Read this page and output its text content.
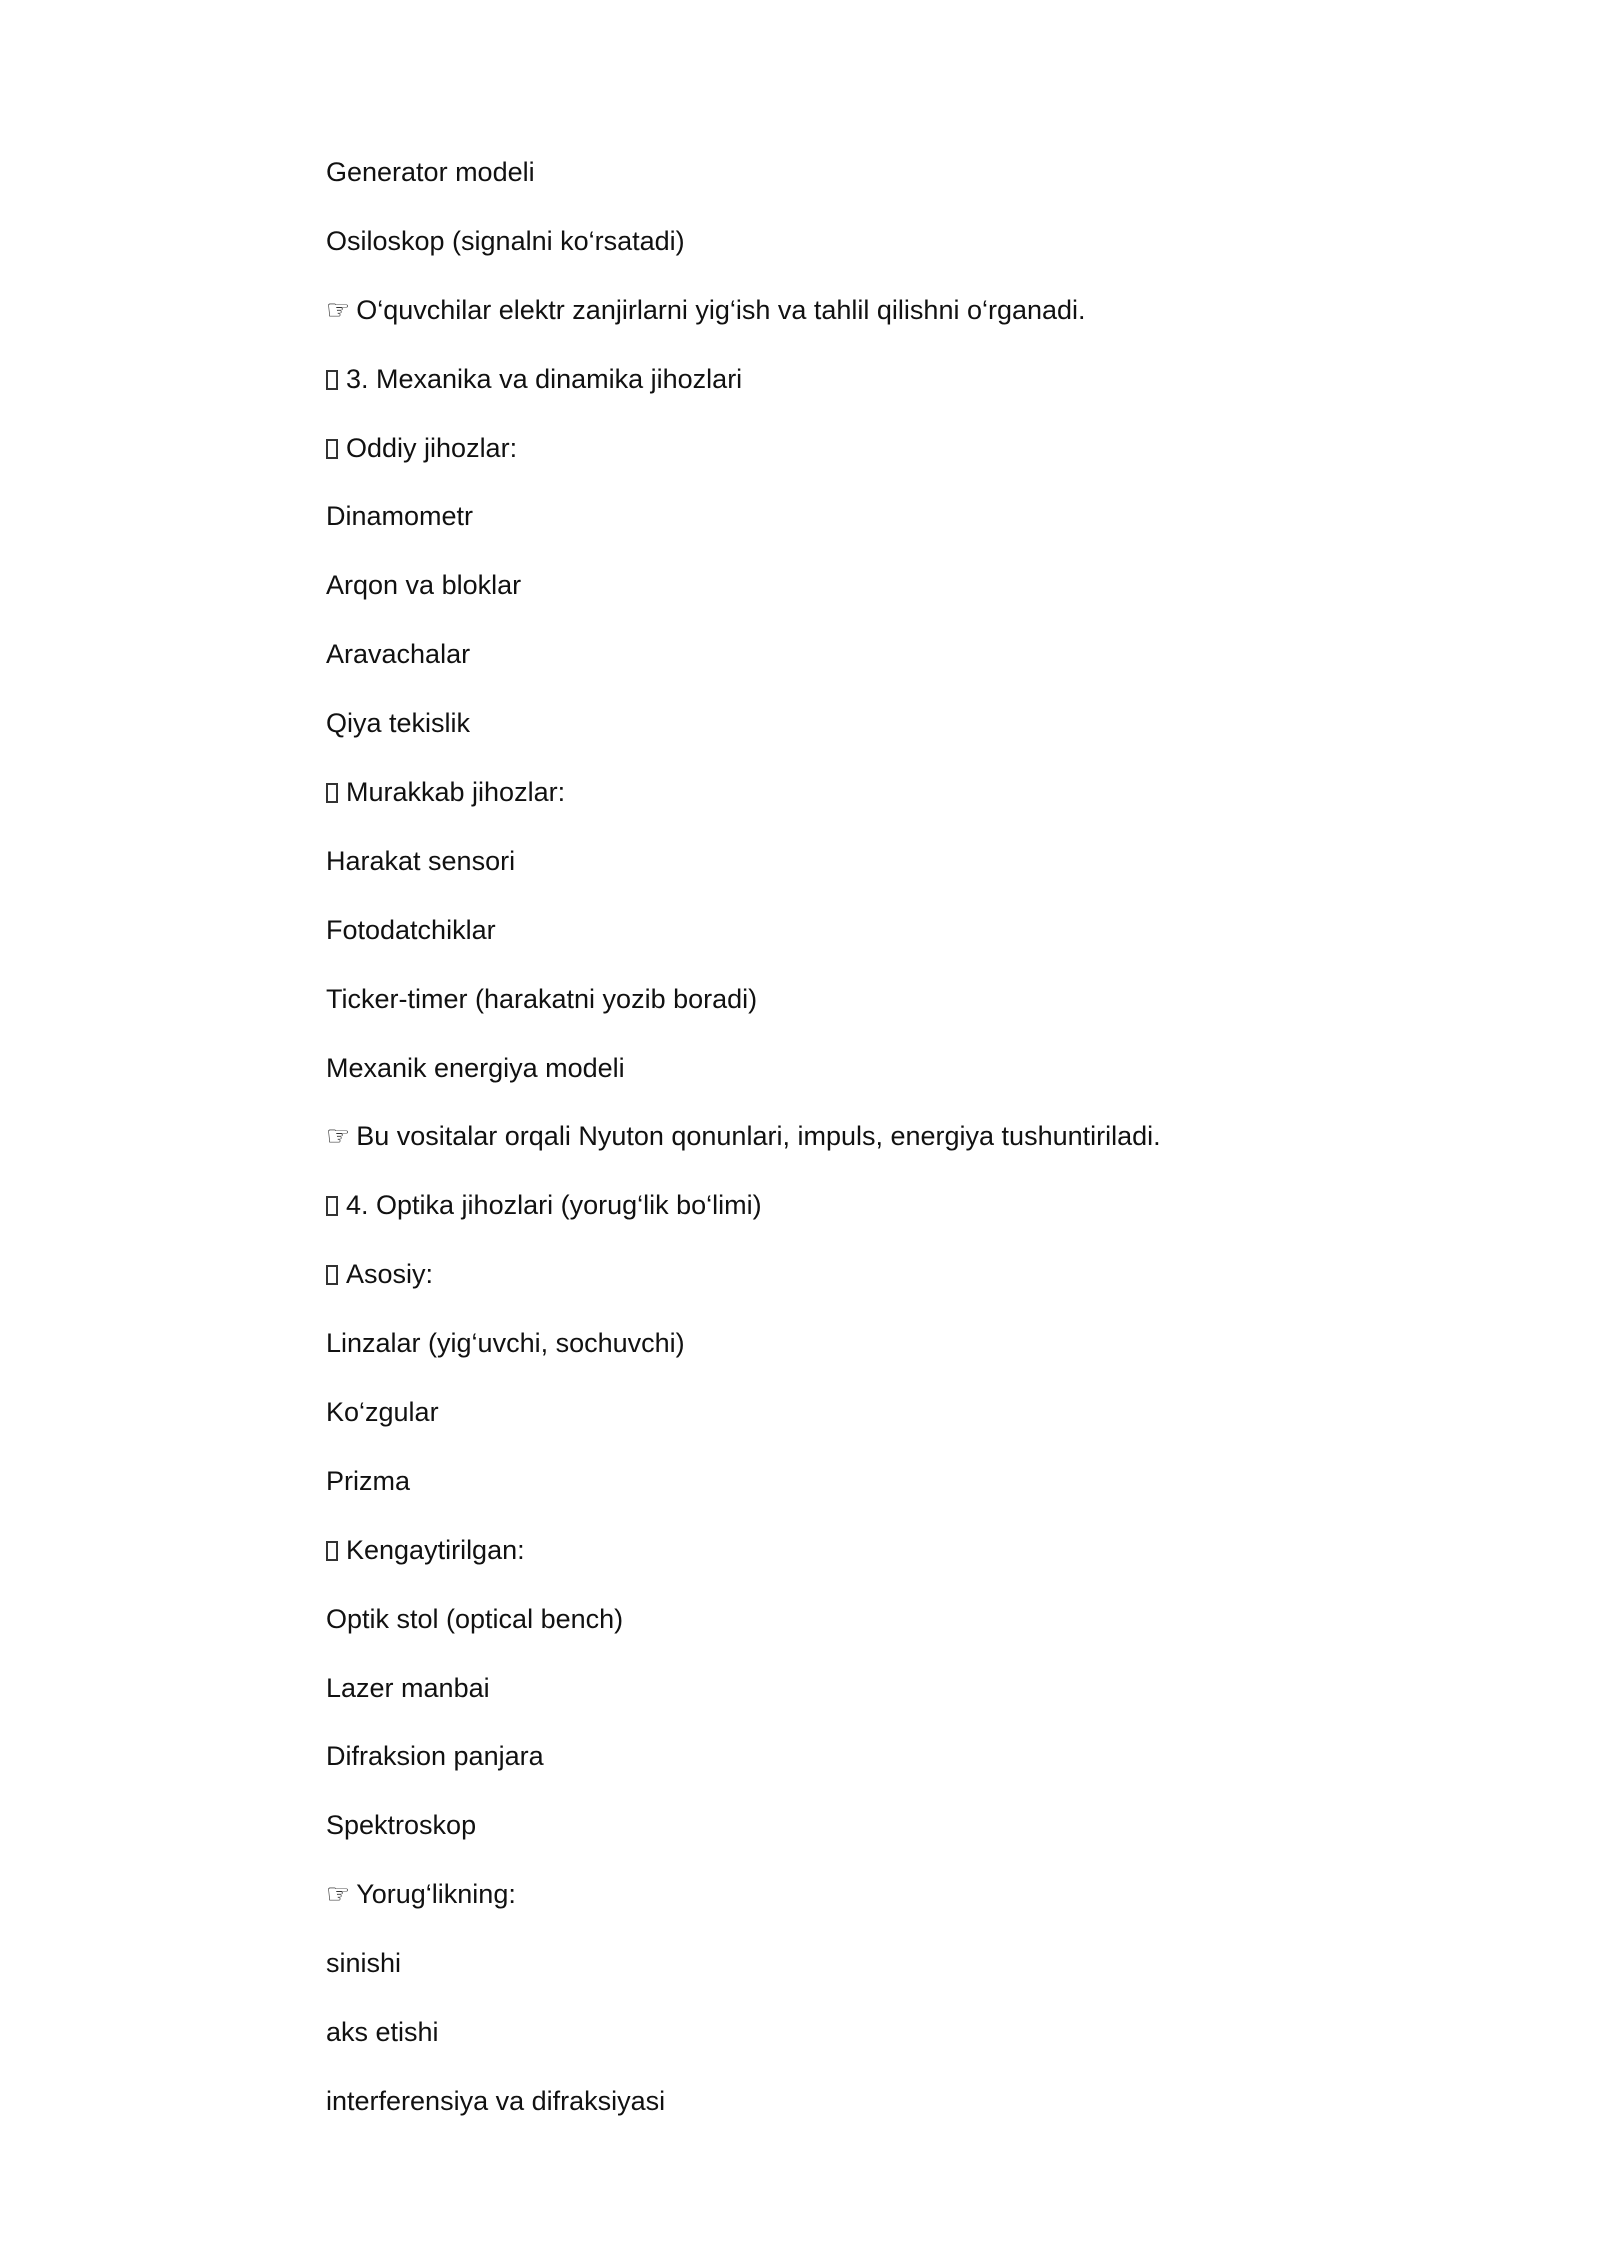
Generator modeli
Osiloskop (signalni ko‘rsatadi)
☞ O‘quvchilar elektr zanjirlarni yig‘ish va tahlil qilishni o‘rganadi.
3. Mexanika va dinamika jihozlari
Oddiy jihozlar:
Dinamometr
Arqon va bloklar
Aravachalar
Qiya tekislik
Murakkab jihozlar:
Harakat sensori
Fotodatchiklar
Ticker-timer (harakatni yozib boradi)
Mexanik energiya modeli
☞ Bu vositalar orqali Nyuton qonunlari, impuls, energiya tushuntiriladi.
4. Optika jihozlari (yorug‘lik bo‘limi)
Asosiy:
Linzalar (yig‘uvchi, sochuvchi)
Ko‘zgular
Prizma
Kengaytirilgan:
Optik stol (optical bench)
Lazer manbai
Difraksion panjara
Spektroskop
☞ Yorug‘likning:
sinishi
aks etishi
interferensiya va difraksiyasi
